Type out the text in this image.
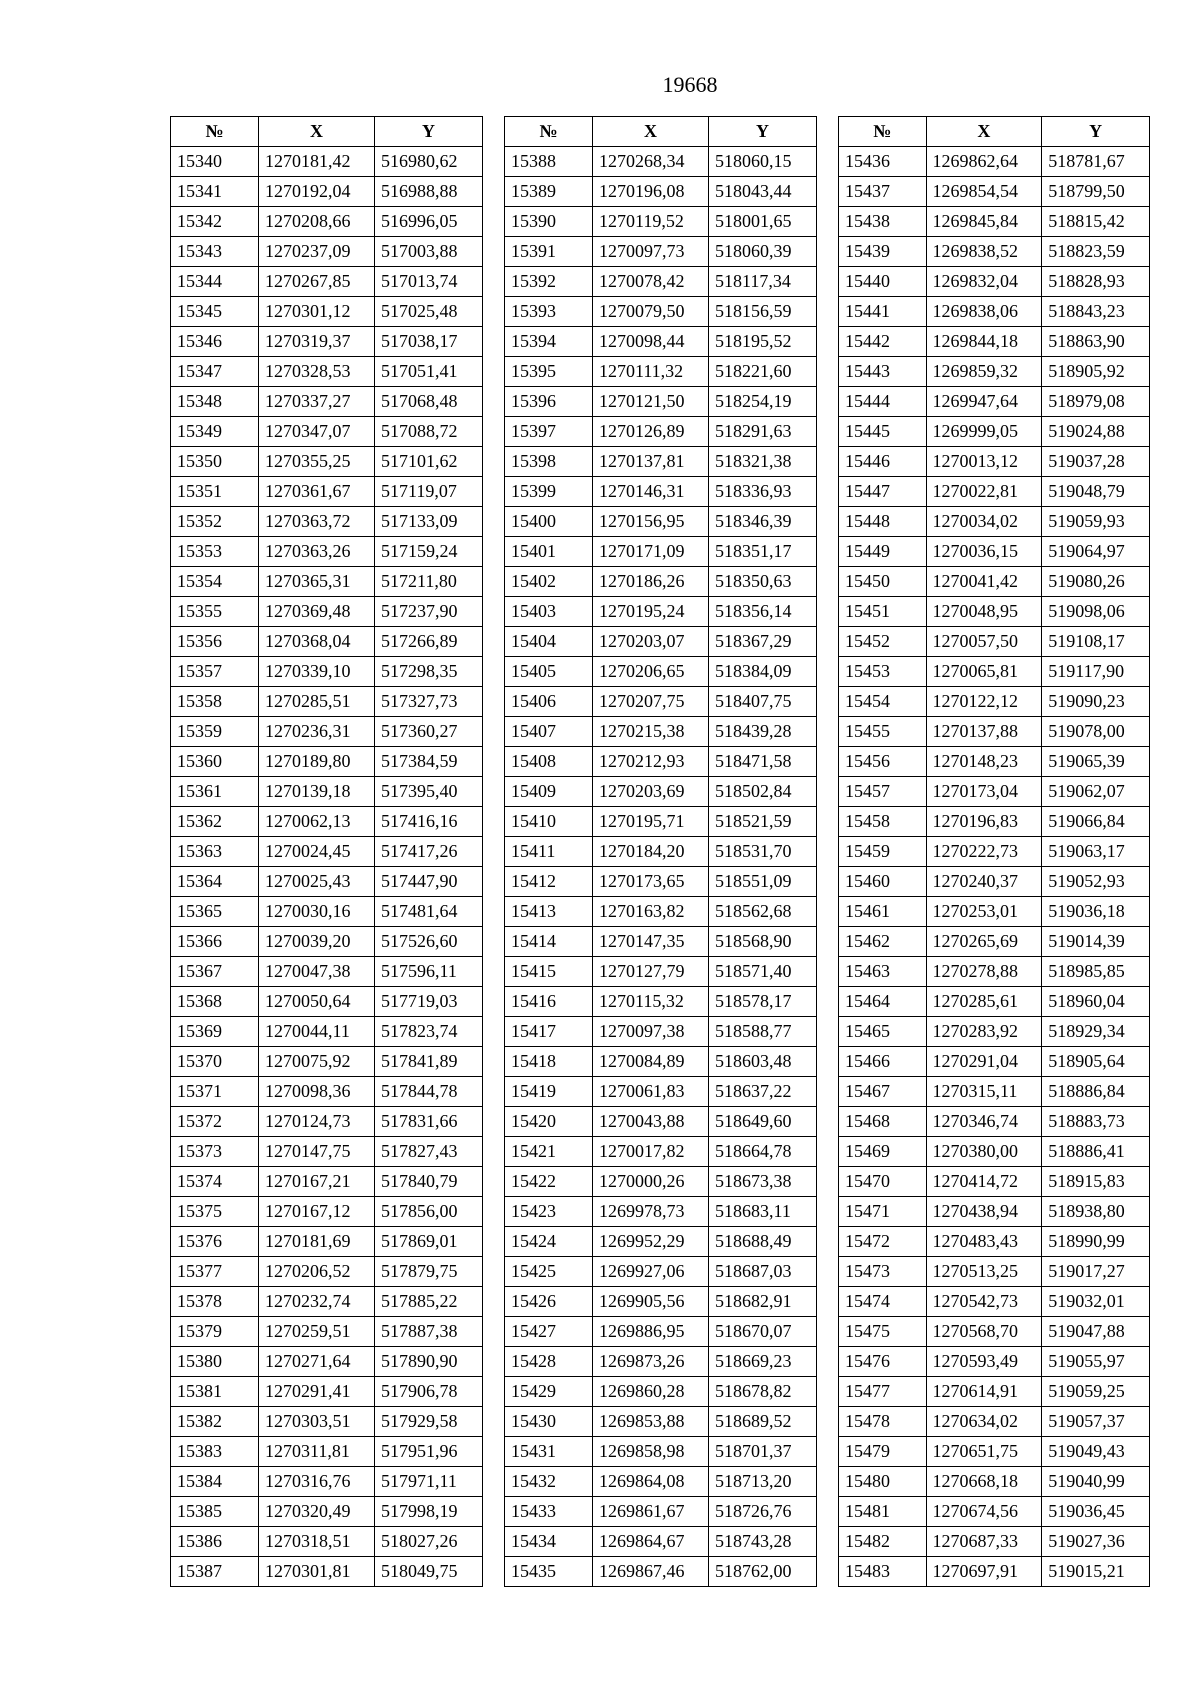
19668
№	X	Y
15340	1270181,42	516980,62
15341	1270192,04	516988,88
15342	1270208,66	516996,05
15343	1270237,09	517003,88
15344	1270267,85	517013,74
15345	1270301,12	517025,48
15346	1270319,37	517038,17
15347	1270328,53	517051,41
15348	1270337,27	517068,48
15349	1270347,07	517088,72
15350	1270355,25	517101,62
15351	1270361,67	517119,07
15352	1270363,72	517133,09
15353	1270363,26	517159,24
15354	1270365,31	517211,80
15355	1270369,48	517237,90
15356	1270368,04	517266,89
15357	1270339,10	517298,35
15358	1270285,51	517327,73
15359	1270236,31	517360,27
15360	1270189,80	517384,59
15361	1270139,18	517395,40
15362	1270062,13	517416,16
15363	1270024,45	517417,26
15364	1270025,43	517447,90
15365	1270030,16	517481,64
15366	1270039,20	517526,60
15367	1270047,38	517596,11
15368	1270050,64	517719,03
15369	1270044,11	517823,74
15370	1270075,92	517841,89
15371	1270098,36	517844,78
15372	1270124,73	517831,66
15373	1270147,75	517827,43
15374	1270167,21	517840,79
15375	1270167,12	517856,00
15376	1270181,69	517869,01
15377	1270206,52	517879,75
15378	1270232,74	517885,22
15379	1270259,51	517887,38
15380	1270271,64	517890,90
15381	1270291,41	517906,78
15382	1270303,51	517929,58
15383	1270311,81	517951,96
15384	1270316,76	517971,11
15385	1270320,49	517998,19
15386	1270318,51	518027,26
15387	1270301,81	518049,75
№	X	Y
15388	1270268,34	518060,15
15389	1270196,08	518043,44
15390	1270119,52	518001,65
15391	1270097,73	518060,39
15392	1270078,42	518117,34
15393	1270079,50	518156,59
15394	1270098,44	518195,52
15395	1270111,32	518221,60
15396	1270121,50	518254,19
15397	1270126,89	518291,63
15398	1270137,81	518321,38
15399	1270146,31	518336,93
15400	1270156,95	518346,39
15401	1270171,09	518351,17
15402	1270186,26	518350,63
15403	1270195,24	518356,14
15404	1270203,07	518367,29
15405	1270206,65	518384,09
15406	1270207,75	518407,75
15407	1270215,38	518439,28
15408	1270212,93	518471,58
15409	1270203,69	518502,84
15410	1270195,71	518521,59
15411	1270184,20	518531,70
15412	1270173,65	518551,09
15413	1270163,82	518562,68
15414	1270147,35	518568,90
15415	1270127,79	518571,40
15416	1270115,32	518578,17
15417	1270097,38	518588,77
15418	1270084,89	518603,48
15419	1270061,83	518637,22
15420	1270043,88	518649,60
15421	1270017,82	518664,78
15422	1270000,26	518673,38
15423	1269978,73	518683,11
15424	1269952,29	518688,49
15425	1269927,06	518687,03
15426	1269905,56	518682,91
15427	1269886,95	518670,07
15428	1269873,26	518669,23
15429	1269860,28	518678,82
15430	1269853,88	518689,52
15431	1269858,98	518701,37
15432	1269864,08	518713,20
15433	1269861,67	518726,76
15434	1269864,67	518743,28
15435	1269867,46	518762,00
№	X	Y
15436	1269862,64	518781,67
15437	1269854,54	518799,50
15438	1269845,84	518815,42
15439	1269838,52	518823,59
15440	1269832,04	518828,93
15441	1269838,06	518843,23
15442	1269844,18	518863,90
15443	1269859,32	518905,92
15444	1269947,64	518979,08
15445	1269999,05	519024,88
15446	1270013,12	519037,28
15447	1270022,81	519048,79
15448	1270034,02	519059,93
15449	1270036,15	519064,97
15450	1270041,42	519080,26
15451	1270048,95	519098,06
15452	1270057,50	519108,17
15453	1270065,81	519117,90
15454	1270122,12	519090,23
15455	1270137,88	519078,00
15456	1270148,23	519065,39
15457	1270173,04	519062,07
15458	1270196,83	519066,84
15459	1270222,73	519063,17
15460	1270240,37	519052,93
15461	1270253,01	519036,18
15462	1270265,69	519014,39
15463	1270278,88	518985,85
15464	1270285,61	518960,04
15465	1270283,92	518929,34
15466	1270291,04	518905,64
15467	1270315,11	518886,84
15468	1270346,74	518883,73
15469	1270380,00	518886,41
15470	1270414,72	518915,83
15471	1270438,94	518938,80
15472	1270483,43	518990,99
15473	1270513,25	519017,27
15474	1270542,73	519032,01
15475	1270568,70	519047,88
15476	1270593,49	519055,97
15477	1270614,91	519059,25
15478	1270634,02	519057,37
15479	1270651,75	519049,43
15480	1270668,18	519040,99
15481	1270674,56	519036,45
15482	1270687,33	519027,36
15483	1270697,91	519015,21
